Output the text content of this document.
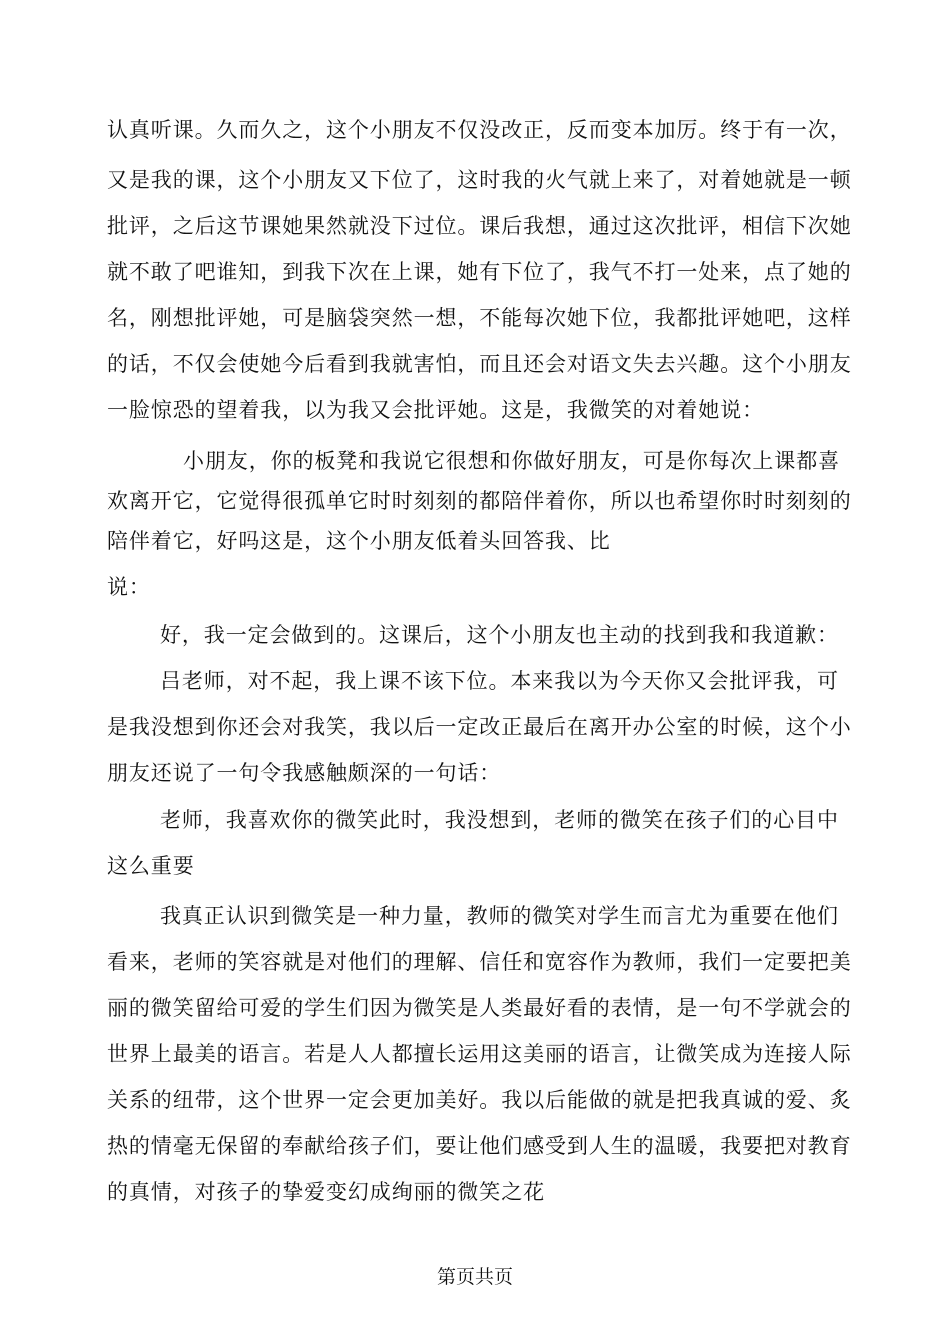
认真听课。久而久之，这个小朋友不仅没改正，反而变本加厉。终于有一次，
又是我的课，这个小朋友又下位了，这时我的火气就上来了，对着她就是一顿
批评，之后这节课她果然就没下过位。课后我想，通过这次批评，相信下次她
就不敢了吧谁知，到我下次在上课，她有下位了，我气不打一处来，点了她的
名，刚想批评她，可是脑袋突然一想，不能每次她下位，我都批评她吧，这样
的话，不仅会使她今后看到我就害怕，而且还会对语文失去兴趣。这个小朋友
一脸惊恐的望着我，以为我又会批评她。这是，我微笑的对着她说：
小朋友，你的板凳和我说它很想和你做好朋友，可是你每次上课都喜
欢离开它，它觉得很孤单它时时刻刻的都陪伴着你，所以也希望你时时刻刻的
陪伴着它，好吗这是，这个小朋友低着头回答我、比
说：
好，我一定会做到的。这课后，这个小朋友也主动的找到我和我道歉：
吕老师，对不起，我上课不该下位。本来我以为今天你又会批评我，可
是我没想到你还会对我笑，我以后一定改正最后在离开办公室的时候，这个小
朋友还说了一句令我感触颇深的一句话：
老师，我喜欢你的微笑此时，我没想到，老师的微笑在孩子们的心目中
这么重要
我真正认识到微笑是一种力量，教师的微笑对学生而言尤为重要在他们
看来，老师的笑容就是对他们的理解、信任和宽容作为教师，我们一定要把美
丽的微笑留给可爱的学生们因为微笑是人类最好看的表情，是一句不学就会的
世界上最美的语言。若是人人都擅长运用这美丽的语言，让微笑成为连接人际
关系的纽带，这个世界一定会更加美好。我以后能做的就是把我真诚的爱、炙
热的情毫无保留的奉献给孩子们，要让他们感受到人生的温暖，我要把对教育
的真情，对孩子的挚爱变幻成绚丽的微笑之花
第页共页
